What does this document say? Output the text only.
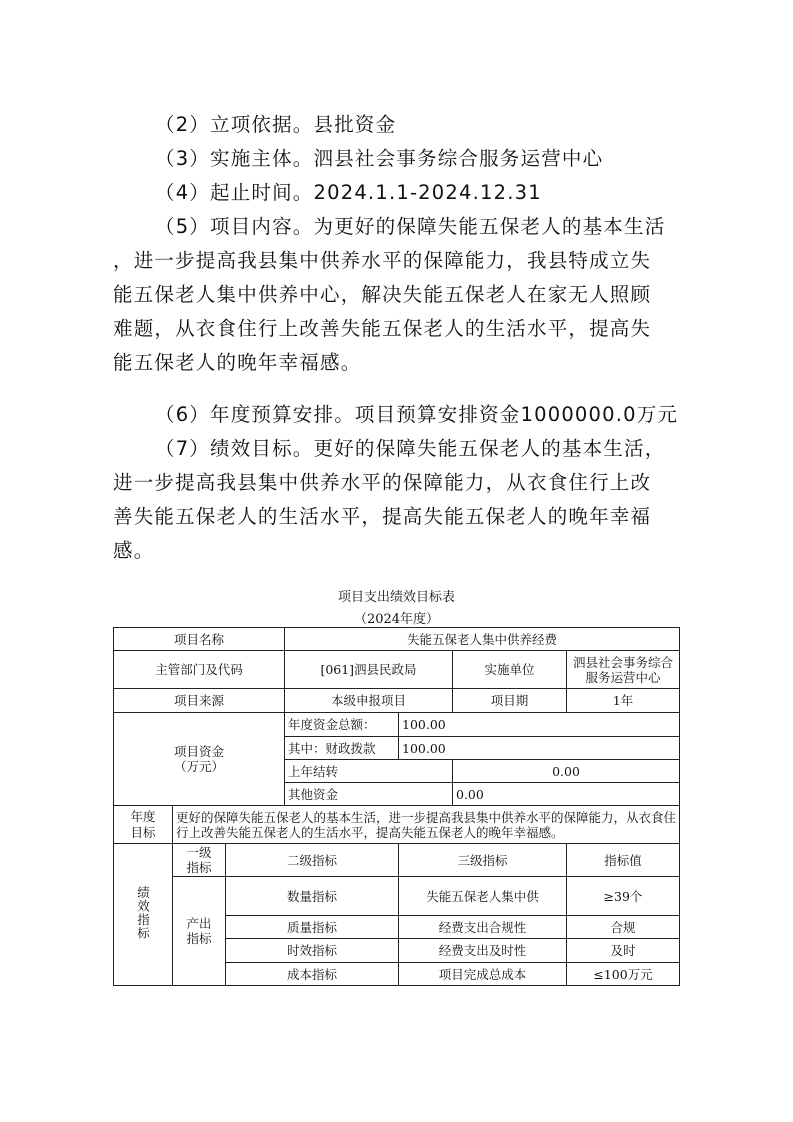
（2）立项依据。县批资金
（3）实施主体。泗县社会事务综合服务运营中心
（4）起止时间。2024.1.1-2024.12.31
（5）项目内容。为更好的保障失能五保老人的基本生活
，进一步提高我县集中供养水平的保障能力，我县特成立失
能五保老人集中供养中心，解决失能五保老人在家无人照顾
难题，从衣食住行上改善失能五保老人的生活水平，提高失
能五保老人的晚年幸福感。
（6）年度预算安排。项目预算安排资金1000000.0万元
（7）绩效目标。更好的保障失能五保老人的基本生活，
进一步提高我县集中供养水平的保障能力，从衣食住行上改
善失能五保老人的生活水平，提高失能五保老人的晚年幸福
感。
项目支出绩效目标表
（2024年度）
项目名称			失能五保老人集中供养经费			
主管部门及代码			[061]泗县民政局		实施单位	泗县社会事务综合服务运营中心
项目来源			本级申报项目		项目期	1年

项目资金
（万元）			年度资金总额：	100.00		
			其中：财政拨款	100.00		
			上年结转		0.00	
			其他资金		0.00	

年度目标	更好的保障失能五保老人的基本生活，进一步提高我县集中供养水平的保障能力，从衣食住行上改善失能五保老人的生活水平，提高失能五保老人的晚年幸福感。					
绩效指标	一级指标	二级指标		三级指标		指标值

	产出指标	数量指标		失能五保老人集中供		≥39个
		质量指标		经费支出合规性		合规
		时效指标		经费支出及时性		及时
		成本指标		项目完成总成本		≤100万元
